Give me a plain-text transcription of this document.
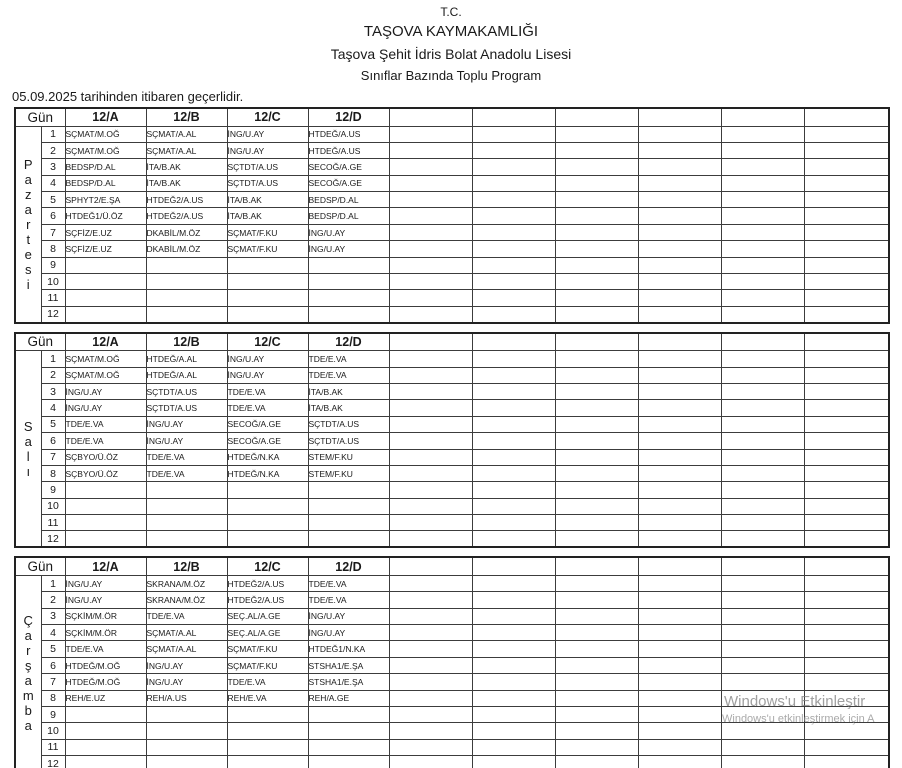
T.C.
TAŞOVA KAYMAKAMLIĞI
Taşova Şehit İdris Bolat Anadolu Lisesi
Sınıflar Bazında Toplu Program
05.09.2025 tarihinden itibaren geçerlidir.
Gün		12/A	12/B	12/C	12/D						

P
a
z
a
r
t
e
s
i
	1	SÇMAT/M.OĞ	SÇMAT/A.AL	İNG/U.AY	HTDEĞ/A.US						
	2	SÇMAT/M.OĞ	SÇMAT/A.AL	İNG/U.AY	HTDEĞ/A.US						
	3	BEDSP/D.AL	İTA/B.AK	SÇTDT/A.US	SECOĞ/A.GE						
	4	BEDSP/D.AL	İTA/B.AK	SÇTDT/A.US	SECOĞ/A.GE						
	5	SPHYT2/E.ŞA	HTDEĞ2/A.US	İTA/B.AK	BEDSP/D.AL						
	6	HTDEĞ1/Ü.ÖZ	HTDEĞ2/A.US	İTA/B.AK	BEDSP/D.AL						
	7	SÇFİZ/E.UZ	DKABİL/M.ÖZ	SÇMAT/F.KU	İNG/U.AY						
	8	SÇFİZ/E.UZ	DKABİL/M.ÖZ	SÇMAT/F.KU	İNG/U.AY						
	9										
	10										
	11										
	12										
Gün		12/A	12/B	12/C	12/D						

S
a
l
ı	1	SÇMAT/M.OĞ	HTDEĞ/A.AL	İNG/U.AY	TDE/E.VA						
	2	SÇMAT/M.OĞ	HTDEĞ/A.AL	İNG/U.AY	TDE/E.VA						
	3	İNG/U.AY	SÇTDT/A.US	TDE/E.VA	İTA/B.AK						
	4	İNG/U.AY	SÇTDT/A.US	TDE/E.VA	İTA/B.AK						
	5	TDE/E.VA	İNG/U.AY	SECOĞ/A.GE	SÇTDT/A.US						
	6	TDE/E.VA	İNG/U.AY	SECOĞ/A.GE	SÇTDT/A.US						
	7	SÇBYO/Ü.ÖZ	TDE/E.VA	HTDEĞ/N.KA	STEM/F.KU						
	8	SÇBYO/Ü.ÖZ	TDE/E.VA	HTDEĞ/N.KA	STEM/F.KU						
	9										
	10										
	11										
	12										
Gün		12/A	12/B	12/C	12/D						

Ç
a
r
ş
a
m
b
a
	1	İNG/U.AY	SKRANA/M.ÖZ	HTDEĞ2/A.US	TDE/E.VA						
	2	İNG/U.AY	SKRANA/M.ÖZ	HTDEĞ2/A.US	TDE/E.VA						
	3	SÇKİM/M.ÖR	TDE/E.VA	SEÇ.AL/A.GE	İNG/U.AY						
	4	SÇKİM/M.ÖR	SÇMAT/A.AL	SEÇ.AL/A.GE	İNG/U.AY						
	5	TDE/E.VA	SÇMAT/A.AL	SÇMAT/F.KU	HTDEĞ1/N.KA						
	6	HTDEĞ/M.OĞ	İNG/U.AY	SÇMAT/F.KU	STSHA1/E.ŞA						
	7	HTDEĞ/M.OĞ	İNG/U.AY	TDE/E.VA	STSHA1/E.ŞA						
	8	REH/E.UZ	REH/A.US	REH/E.VA	REH/A.GE						
	9										
	10										
	11										
	12										
Windows'u Etkinleştir
Windows'u etkinleştirmek için A
